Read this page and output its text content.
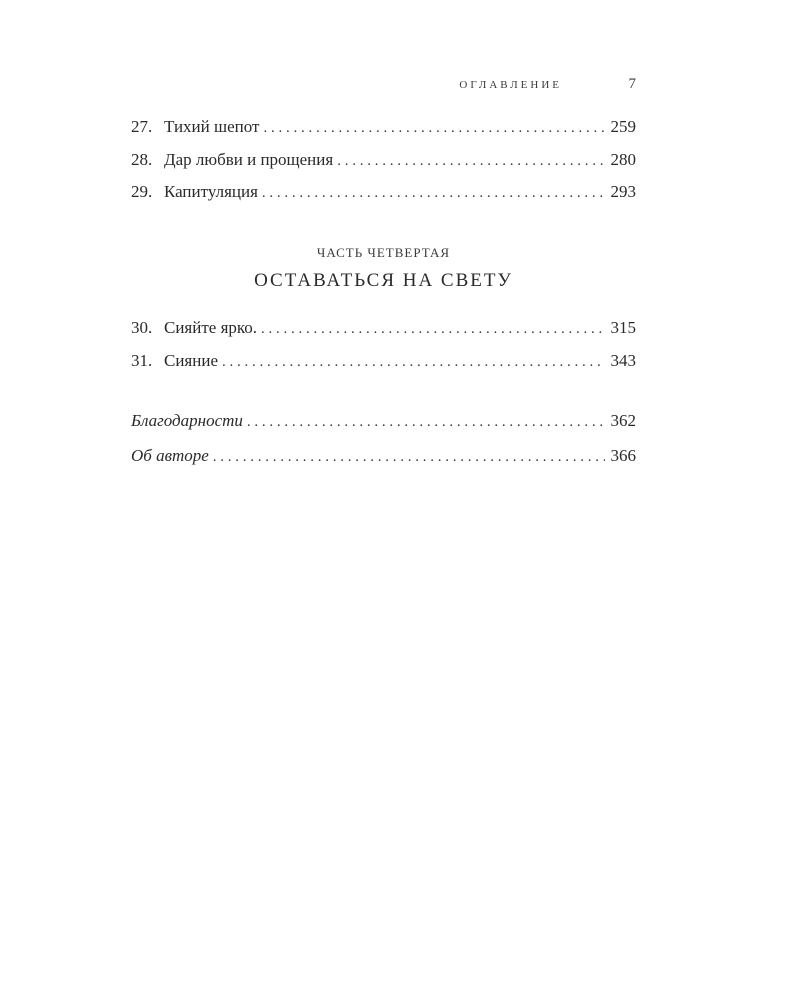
ОГЛАВЛЕНИЕ	7
27. Тихий шепот . . .	259
28. Дар любви и прощения . . .	280
29. Капитуляция . . .	293
ЧАСТЬ ЧЕТВЕРТАЯ
ОСТАВАТЬСЯ НА СВЕТУ
30. Сияйте ярко. . . .	315
31. Сияние . . .	343
Благодарности . . .	362
Об авторе . . .	366
